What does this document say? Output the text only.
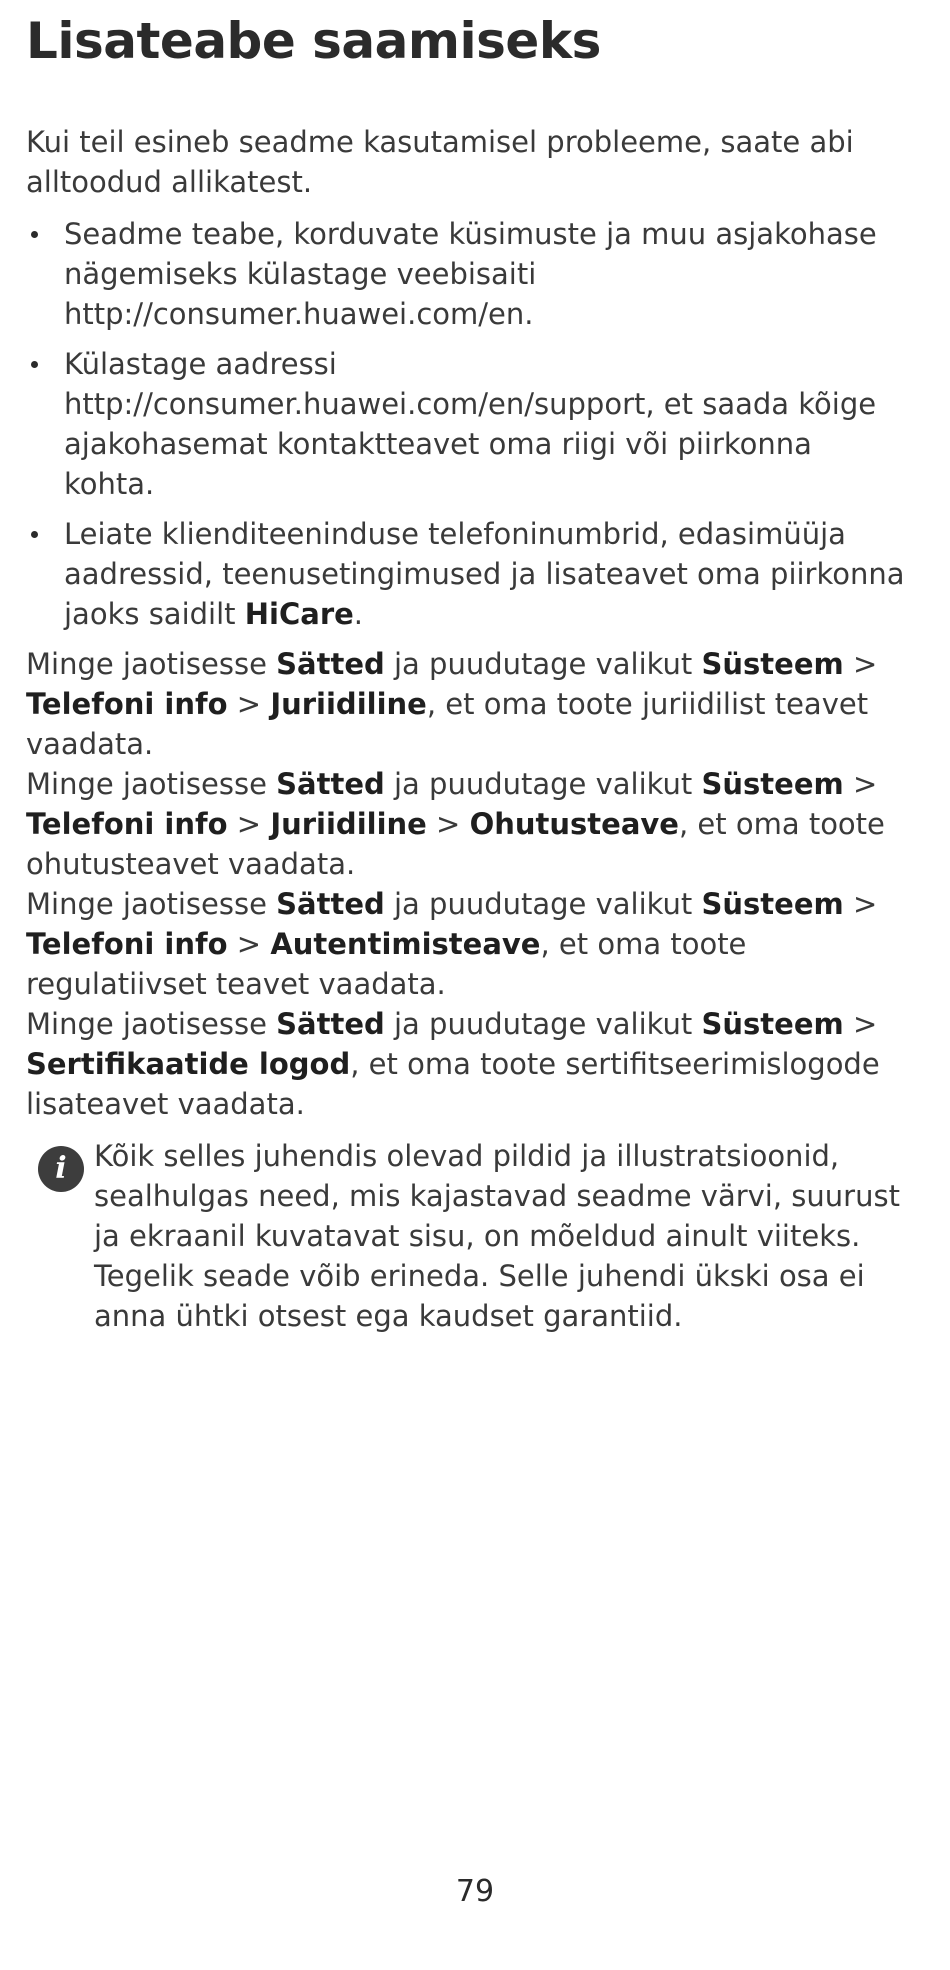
Lisateabe saamiseks

Kui teil esineb seadme kasutamisel probleeme, saate abi alltoodud allikatest.

Seadme teabe, korduvate küsimuste ja muu asjakohase nägemiseks külastage veebisaiti http://consumer.huawei.com/en.
Külastage aadressi http://consumer.huawei.com/en/support, et saada kõige ajakohasemat kontaktteavet oma riigi või piirkonna kohta.
Leiate klienditeeninduse telefoninumbrid, edasimüüja aadressid, teenusetingimused ja lisateavet oma piirkonna jaoks saidilt HiCare.

Minge jaotisesse Sätted ja puudutage valikut Süsteem > Telefoni info > Juriidiline, et oma toote juriidilist teavet vaadata.

Minge jaotisesse Sätted ja puudutage valikut Süsteem > Telefoni info > Juriidiline > Ohutusteave, et oma toote ohutusteavet vaadata.

Minge jaotisesse Sätted ja puudutage valikut Süsteem > Telefoni info > Autentimisteave, et oma toote regulatiivset teavet vaadata.

Minge jaotisesse Sätted ja puudutage valikut Süsteem > Sertifikaatide logod, et oma toote sertifitseerimislogode lisateavet vaadata.

i Kõik selles juhendis olevad pildid ja illustratsioonid, sealhulgas need, mis kajastavad seadme värvi, suurust ja ekraanil kuvatavat sisu, on mõeldud ainult viiteks. Tegelik seade võib erineda. Selle juhendi ükski osa ei anna ühtki otsest ega kaudset garantiid.
79
